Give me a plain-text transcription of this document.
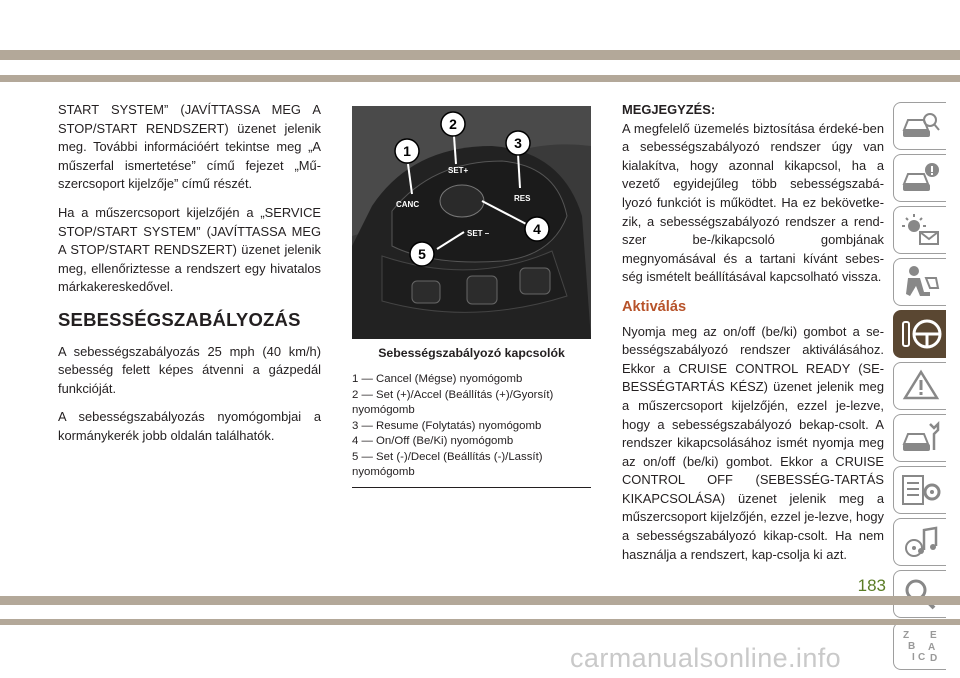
START SYSTEM” (JAVÍTTASSA MEG A STOP/START RENDSZERT) üzenet jelenik meg. További információért tekintse meg „A műszerfal ismertetése” című fejezet „Mű-szercsoport kijelzője” című részét.

Ha a műszercsoport kijelzőjén a „SERVICE STOP/START SYSTEM” (JAVÍTTASSA MEG A STOP/START RENDSZERT) üzenet jelenik meg, ellenőriztesse a rendszert egy hivatalos márkakereskedővel.

SEBESSÉGSZABÁLYOZÁS

A sebességszabályozás 25 mph (40 km/h) sebesség felett képes átvenni a gázpedál funkcióját.

A sebességszabályozás nyomógombjai a kormánykerék jobb oldalán találhatók.

CANC
SET+
RES
SET –
1
2
3
4
5
Sebességszabályozó kapcsolók
1 — Cancel (Mégse) nyomógomb
2 — Set (+)/Accel (Beállítás (+)/Gyorsít) nyomógomb
3 — Resume (Folytatás) nyomógomb
4 — On/Off (Be/Ki) nyomógomb
5 — Set (-)/Decel (Beállítás (-)/Lassít) nyomógomb
MEGJEGYZÉS:

A megfelelő üzemelés biztosítása érdeké-ben a sebességszabályozó rendszer úgy van kialakítva, hogy azonnal kikapcsol, ha a vezető egyidejűleg több sebességszabá-lyozó funkciót is működtet. Ha ez bekövetke-zik, a sebességszabályozó rendszer a rend-szer be-/kikapcsoló gombjának megnyomásával és a tartani kívánt sebes-ség ismételt beállításával kapcsolható vissza.

Aktiválás

Nyomja meg az on/off (be/ki) gombot a se-bességszabályozó rendszer aktiválásához. Ekkor a CRUISE CONTROL READY (SE-BESSÉGTARTÁS KÉSZ) üzenet jelenik meg a műszercsoport kijelzőjén, ezzel je-lezve, hogy a sebességszabályozó bekap-csolt. A rendszer kikapcsolásához ismét nyomja meg az on/off (be/ki) gombot. Ekkor a CRUISE CONTROL OFF (SEBESSÉG-TARTÁS KIKAPCSOLÁSA) üzenet jelenik meg a műszercsoport kijelzőjén, ezzel je-lezve, hogy a sebességszabályozó kikap-csolt. Ha nem használja a rendszert, kap-csolja ki azt.

Z E
B A
I C D
183
carmanualsonline.info
